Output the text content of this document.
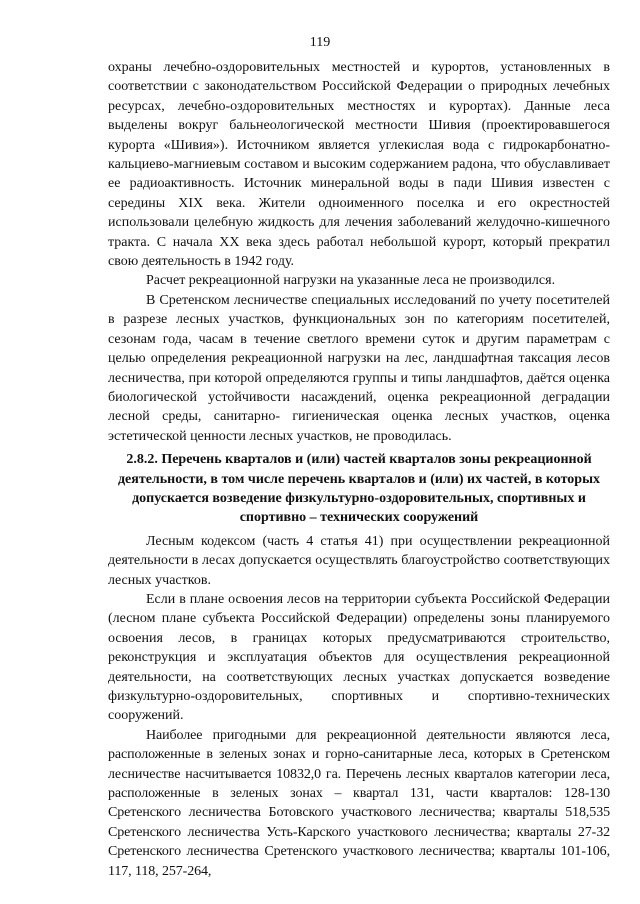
119

охраны лечебно-оздоровительных местностей и курортов, установленных в соответствии с законодательством Российской Федерации о природных лечебных ресурсах, лечебно-оздоровительных местностях и курортах). Данные леса выделены вокруг бальнеологической местности Шивия (проектировавшегося курорта «Шивия»). Источником является углекислая вода с гидрокарбонатно-кальциево-магниевым составом и высоким содержанием радона, что обуславливает ее радиоактивность. Источник минеральной воды в пади Шивия известен с середины XIX века. Жители одноименного поселка и его окрестностей использовали целебную жидкость для лечения заболеваний желудочно-кишечного тракта. С начала XX века здесь работал небольшой курорт, который прекратил свою деятельность в 1942 году.

Расчет рекреационной нагрузки на указанные леса не производился.

В Сретенском лесничестве специальных исследований по учету посетителей в разрезе лесных участков, функциональных зон по категориям посетителей, сезонам года, часам в течение светлого времени суток и другим параметрам с целью определения рекреационной нагрузки на лес, ландшафтная таксация лесов лесничества, при которой определяются группы и типы ландшафтов, даётся оценка биологической устойчивости насаждений, оценка рекреационной деградации лесной среды, санитарно- гигиеническая оценка лесных участков, оценка эстетической ценности лесных участков, не проводилась.

2.8.2. Перечень кварталов и (или) частей кварталов зоны рекреационной деятельности, в том числе перечень кварталов и (или) их частей, в которых допускается возведение физкультурно-оздоровительных, спортивных и спортивно – технических сооружений

Лесным кодексом (часть 4 статья 41) при осуществлении рекреационной деятельности в лесах допускается осуществлять благоустройство соответствующих лесных участков.

Если в плане освоения лесов на территории субъекта Российской Федерации (лесном плане субъекта Российской Федерации) определены зоны планируемого освоения лесов, в границах которых предусматриваются строительство, реконструкция и эксплуатация объектов для осуществления рекреационной деятельности, на соответствующих лесных участках допускается возведение физкультурно-оздоровительных, спортивных и спортивно-технических сооружений.

Наиболее пригодными для рекреационной деятельности являются леса, расположенные в зеленых зонах и горно-санитарные леса, которых в Сретенском лесничестве насчитывается 10832,0 га. Перечень лесных кварталов категории леса, расположенные в зеленых зонах – квартал 131, части кварталов: 128-130 Сретенского лесничества Ботовского участкового лесничества; кварталы 518,535 Сретенского лесничества Усть-Карского участкового лесничества; кварталы 27-32 Сретенского лесничества Сретенского участкового лесничества; кварталы 101-106, 117, 118, 257-264,
